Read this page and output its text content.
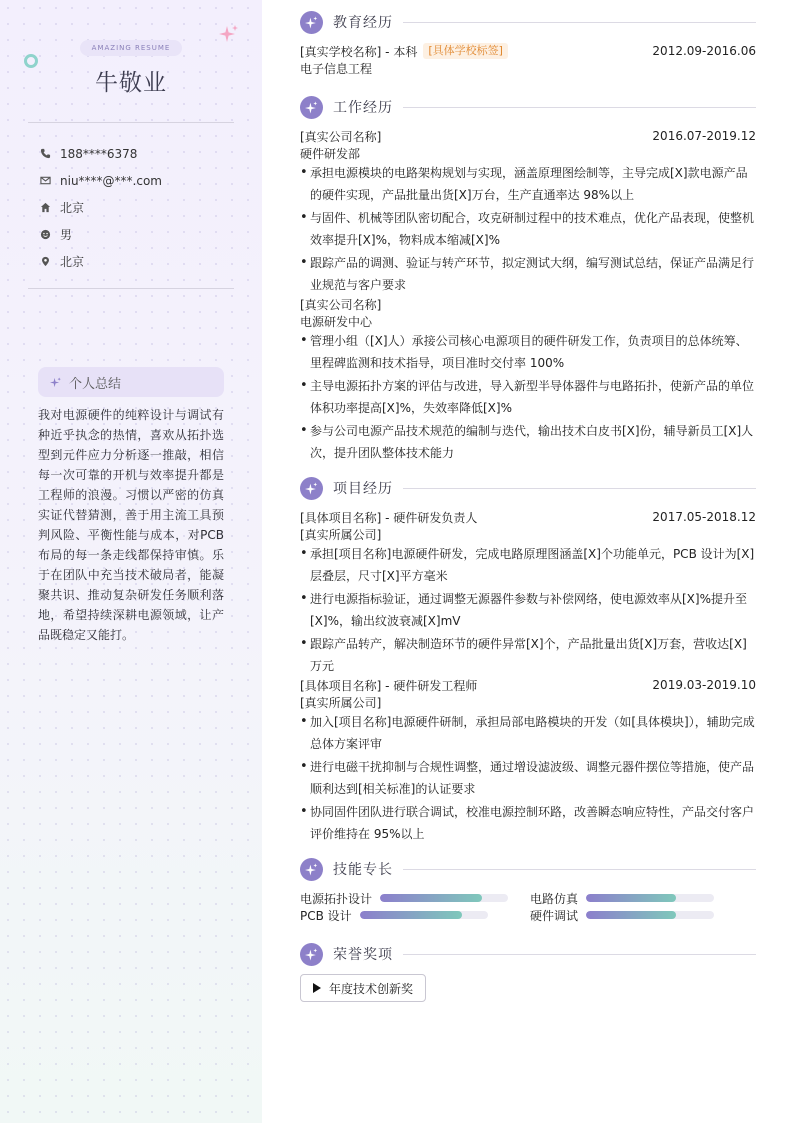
AMAZING RESUME
牛敬业
188****6378
niu****@***.com
北京
男
北京
个人总结
我对电源硬件的纯粹设计与调试有种近乎执念的热情，喜欢从拓扑选型到元件应力分析逐一推敲，相信每一次可靠的开机与效率提升都是工程师的浪漫。习惯以严密的仿真实证代替猜测，善于用主流工具预判风险、平衡性能与成本，对PCB布局的每一条走线都保持审慎。乐于在团队中充当技术破局者，能凝聚共识、推动复杂研发任务顺利落地，希望持续深耕电源领域，让产品既稳定又能打。
教育经历
[真实学校名称] - 本科	[具体学校标签]	2012.09-2016.06
电子信息工程
工作经历
[真实公司名称]	2016.07-2019.12
硬件研发部
• 承担电源模块的电路架构规划与实现，涵盖原理图绘制等，主导完成[X]款电源产品的硬件实现，产品批量出货[X]万台，生产直通率达 98%以上
• 与固件、机械等团队密切配合，攻克研制过程中的技术难点，优化产品表现，使整机效率提升[X]%，物料成本缩减[X]%
• 跟踪产品的调测、验证与转产环节，拟定测试大纲，编写测试总结，保证产品满足行业规范与客户要求
[真实公司名称]
电源研发中心
• 管理小组（[X]人）承接公司核心电源项目的硬件研发工作，负责项目的总体统筹、里程碑监测和技术指导，项目准时交付率 100%
• 主导电源拓扑方案的评估与改进，导入新型半导体器件与电路拓扑，使新产品的单位体积功率提高[X]%，失效率降低[X]%
• 参与公司电源产品技术规范的编制与迭代，输出技术白皮书[X]份，辅导新员工[X]人次，提升团队整体技术能力
项目经历
[具体项目名称] - 硬件研发负责人	2017.05-2018.12
[真实所属公司]
• 承担[项目名称]电源硬件研发，完成电路原理图涵盖[X]个功能单元，PCB 设计为[X]层叠层，尺寸[X]平方毫米
• 进行电源指标验证，通过调整无源器件参数与补偿网络，使电源效率从[X]%提升至[X]%，输出纹波衰减[X]mV
• 跟踪产品转产，解决制造环节的硬件异常[X]个，产品批量出货[X]万套，营收达[X]万元
[具体项目名称] - 硬件研发工程师	2019.03-2019.10
[真实所属公司]
• 加入[项目名称]电源硬件研制，承担局部电路模块的开发（如[具体模块]），辅助完成总体方案评审
• 进行电磁干扰抑制与合规性调整，通过增设滤波级、调整元器件摆位等措施，使产品顺利达到[相关标准]的认证要求
• 协同固件团队进行联合调试，校准电源控制环路，改善瞬态响应特性，产品交付客户评价维持在 95%以上
技能专长
电源拓扑设计	电路仿真
PCB 设计	硬件调试
荣誉奖项
年度技术创新奖
